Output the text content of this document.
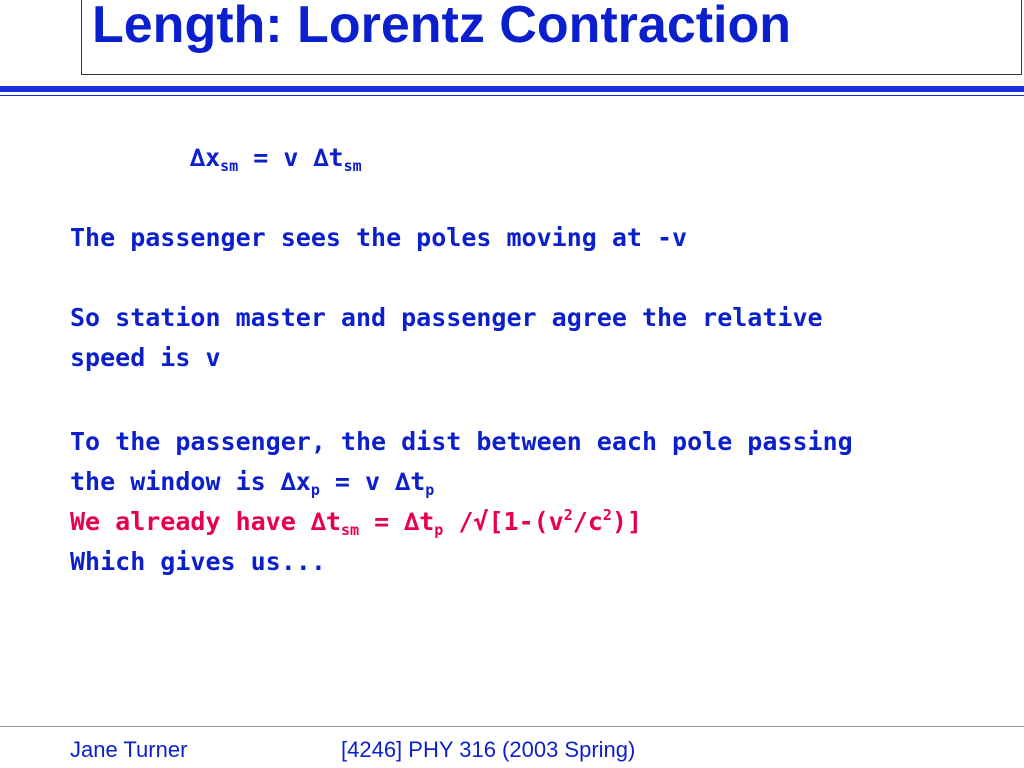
Length: Lorentz Contraction
$\Delta x_{sm} = v$ $\Delta t_{sm}$
The passenger sees the poles moving at -v
So station master and passenger agree the relative
speed is v
To the passenger, the dist between each pole passing
the window is $\Delta x_p = v$ $\Delta t_p$
We already have $\Delta t_{sm} = \Delta t_p$ $/√[1-(v^2/c^2)]$
Which gives us...
Jane Turner	[4246] PHY 316 (2003 Spring)
